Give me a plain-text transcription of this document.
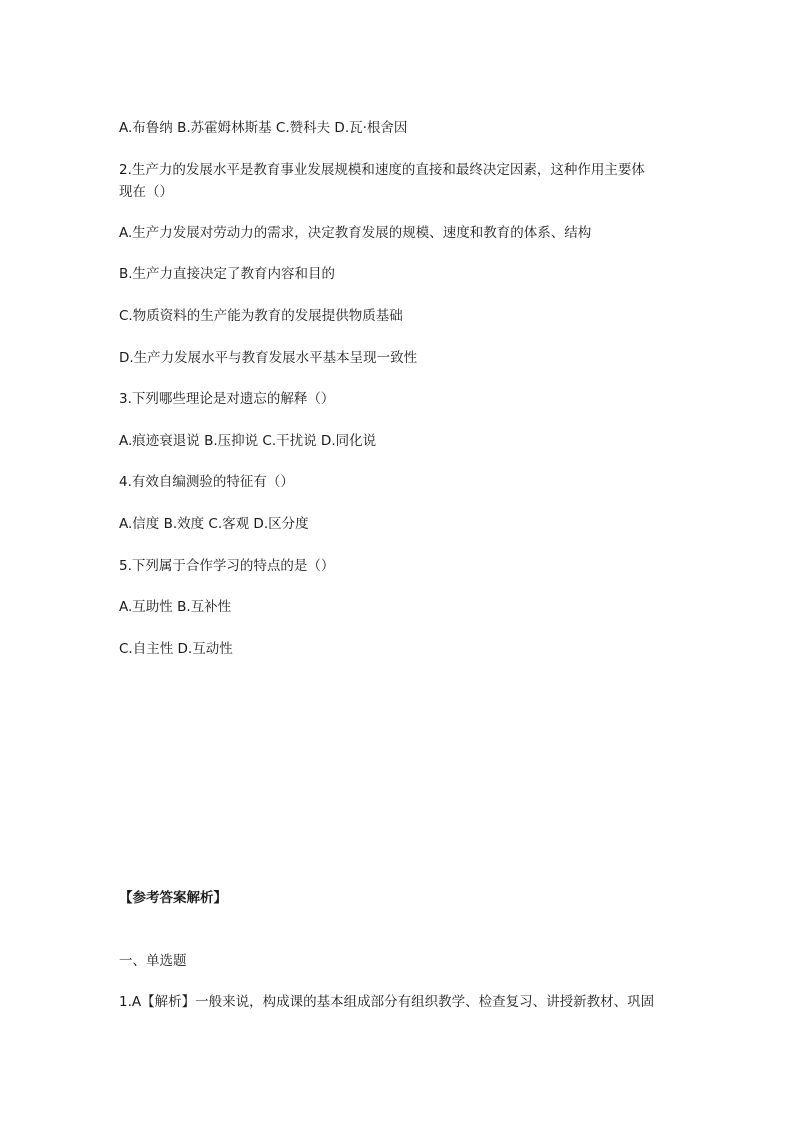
A.布鲁纳 B.苏霍姆林斯基 C.赞科夫 D.瓦·根舍因
2.生产力的发展水平是教育事业发展规模和速度的直接和最终决定因素，这种作用主要体
现在（）
A.生产力发展对劳动力的需求，决定教育发展的规模、速度和教育的体系、结构
B.生产力直接决定了教育内容和目的
C.物质资料的生产能为教育的发展提供物质基础
D.生产力发展水平与教育发展水平基本呈现一致性
3.下列哪些理论是对遗忘的解释（）
A.痕迹衰退说 B.压抑说 C.干扰说 D.同化说
4.有效自编测验的特征有（）
A.信度 B.效度 C.客观 D.区分度
5.下列属于合作学习的特点的是（）
A.互助性 B.互补性
C.自主性 D.互动性
【参考答案解析】
一、单选题
1.A【解析】一般来说，构成课的基本组成部分有组织教学、检查复习、讲授新教材、巩固
